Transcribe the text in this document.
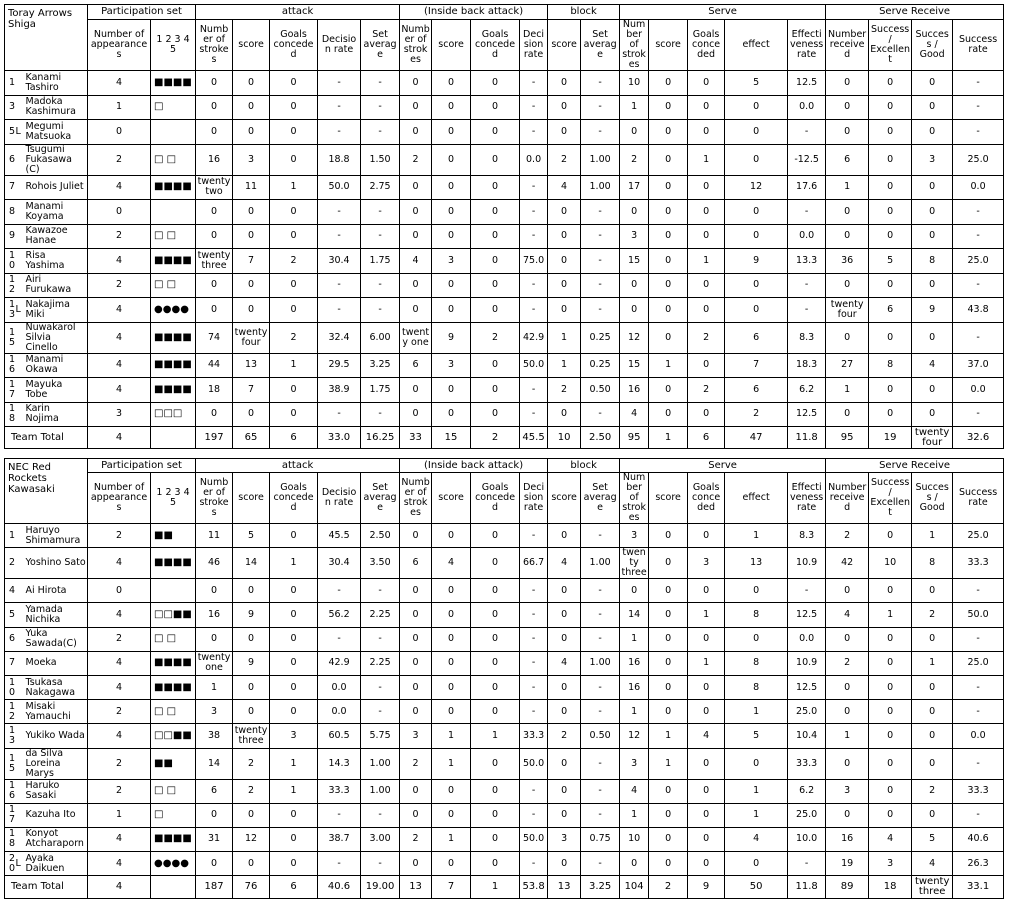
Toray Arrows Shiga			Participation set		attack					(Inside back attack)				block		Serve					Serve Receive			
			Number of appearances	1 2 3 4 5	Number of strokes	score	Goals conceded	Decision rate	Set average	Number of strokes	score	Goals conceded	Decision rate	score	Set average	Number of strokes	score	Goals conceded	effect	Effectiveness rate	Number received	Success / Excellent	Success / Good	Success rate
1		Kanami Tashiro	4	■■■■	0	0	0	-	-	0	0	0	-	0	-	10	0	0	5	12.5	0	0	0	-
3		Madoka Kashimura	1	□	0	0	0	-	-	0	0	0	-	0	-	1	0	0	0	0.0	0	0	0	-
5	L	Megumi Matsuoka	0		0	0	0	-	-	0	0	0	-	0	-	0	0	0	0	-	0	0	0	-
6		Tsugumi Fukasawa (C)	2	□ □	16	3	0	18.8	1.50	2	0	0	0.0	2	1.00	2	0	1	0	-12.5	6	0	3	25.0
7		Rohois Juliet	4	■■■■	twenty two	11	1	50.0	2.75	0	0	0	-	4	1.00	17	0	0	12	17.6	1	0	0	0.0
8		Manami Koyama	0		0	0	0	-	-	0	0	0	-	0	-	0	0	0	0	-	0	0	0	-
9		Kawazoe Hanae	2	□ □	0	0	0	-	-	0	0	0	-	0	-	3	0	0	0	0.0	0	0	0	-
10		Risa Yashima	4	■■■■	twenty three	7	2	30.4	1.75	4	3	0	75.0	0	-	15	0	1	9	13.3	36	5	8	25.0
12		Airi Furukawa	2	□ □	0	0	0	-	-	0	0	0	-	0	-	0	0	0	0	-	0	0	0	-
13	L	Nakajima Miki	4	●●●●	0	0	0	-	-	0	0	0	-	0	-	0	0	0	0	-	twenty four	6	9	43.8
15		Nuwakarol Silvia Cinello	4	■■■■	74	twenty four	2	32.4	6.00	twenty one	9	2	42.9	1	0.25	12	0	2	6	8.3	0	0	0	-
16		Manami Okawa	4	■■■■	44	13	1	29.5	3.25	6	3	0	50.0	1	0.25	15	1	0	7	18.3	27	8	4	37.0
17		Mayuka Tobe	4	■■■■	18	7	0	38.9	1.75	0	0	0	-	2	0.50	16	0	2	6	6.2	1	0	0	0.0
18		Karin Nojima	3	□□□	0	0	0	-	-	0	0	0	-	0	-	4	0	0	2	12.5	0	0	0	-
Team Total			4		197	65	6	33.0	16.25	33	15	2	45.5	10	2.50	95	1	6	47	11.8	95	19	twenty four	32.6
NEC Red Rockets Kawasaki			Participation set		attack					(Inside back attack)				block		Serve					Serve Receive			
			Number of appearances	1 2 3 4 5	Number of strokes	score	Goals conceded	Decision rate	Set average	Number of strokes	score	Goals conceded	Decision rate	score	Set average	Number of strokes	score	Goals conceded	effect	Effectiveness rate	Number received	Success / Excellent	Success / Good	Success rate
1		Haruyo Shimamura	2	■■	11	5	0	45.5	2.50	0	0	0	-	0	-	3	0	0	1	8.3	2	0	1	25.0
2		Yoshino Sato	4	■■■■	46	14	1	30.4	3.50	6	4	0	66.7	4	1.00	twenty three	0	3	13	10.9	42	10	8	33.3
4		Ai Hirota	0		0	0	0	-	-	0	0	0	-	0	-	0	0	0	0	-	0	0	0	-
5		Yamada Nichika	4	□□■■	16	9	0	56.2	2.25	0	0	0	-	0	-	14	0	1	8	12.5	4	1	2	50.0
6		Yuka Sawada(C)	2	□ □	0	0	0	-	-	0	0	0	-	0	-	1	0	0	0	0.0	0	0	0	-
7		Moeka	4	■■■■	twenty one	9	0	42.9	2.25	0	0	0	-	4	1.00	16	0	1	8	10.9	2	0	1	25.0
10		Tsukasa Nakagawa	4	■■■■	1	0	0	0.0	-	0	0	0	-	0	-	16	0	0	8	12.5	0	0	0	-
12		Misaki Yamauchi	2	□ □	3	0	0	0.0	-	0	0	0	-	0	-	1	0	0	1	25.0	0	0	0	-
13		Yukiko Wada	4	□□■■	38	twenty three	3	60.5	5.75	3	1	1	33.3	2	0.50	12	1	4	5	10.4	1	0	0	0.0
15		da Silva Loreina Marys	2	■■	14	2	1	14.3	1.00	2	1	0	50.0	0	-	3	1	0	0	33.3	0	0	0	-
16		Haruko Sasaki	2	□ □	6	2	1	33.3	1.00	0	0	0	-	0	-	4	0	0	1	6.2	3	0	2	33.3
17		Kazuha Ito	1	□	0	0	0	-	-	0	0	0	-	0	-	1	0	0	1	25.0	0	0	0	-
18		Konyot Atcharaporn	4	■■■■	31	12	0	38.7	3.00	2	1	0	50.0	3	0.75	10	0	0	4	10.0	16	4	5	40.6
20	L	Ayaka Daikuen	4	●●●●	0	0	0	-	-	0	0	0	-	0	-	0	0	0	0	-	19	3	4	26.3
Team Total			4		187	76	6	40.6	19.00	13	7	1	53.8	13	3.25	104	2	9	50	11.8	89	18	twenty three	33.1
